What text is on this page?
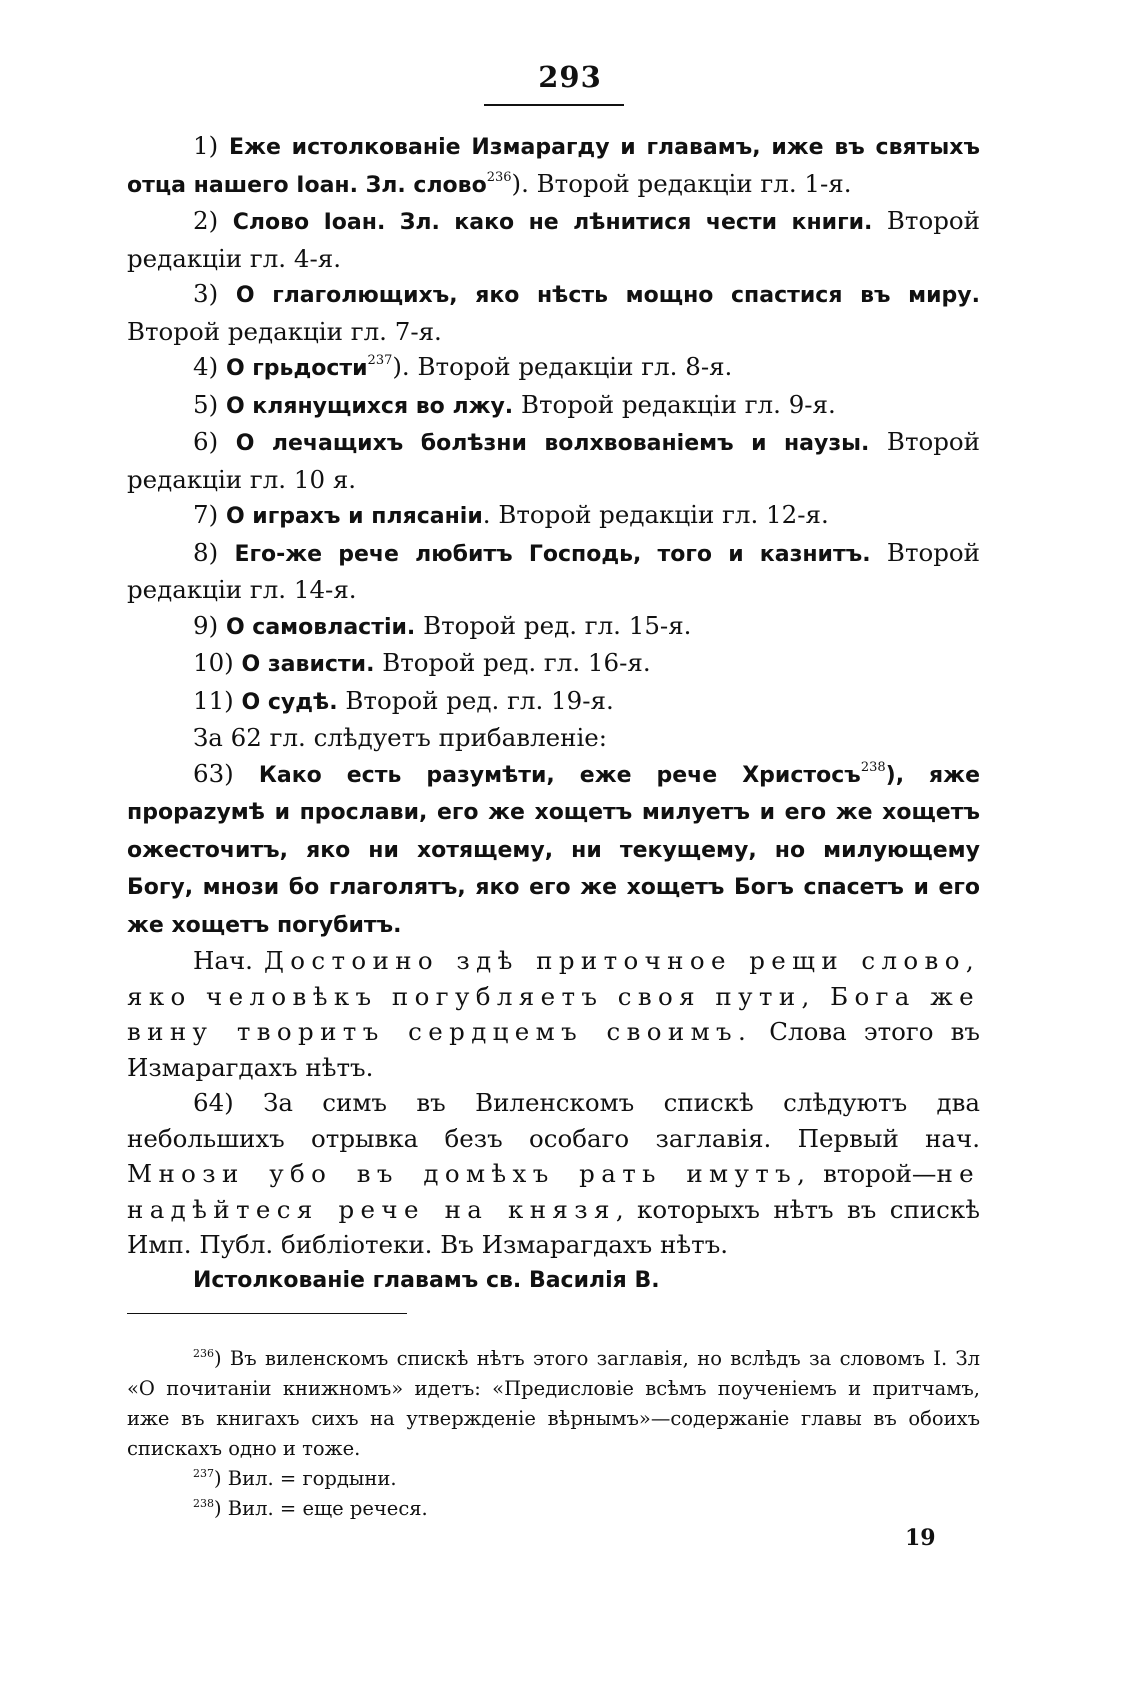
293

1) Еже истолкованіе Измарагду и главамъ, иже въ святыхъ отца нашего Іоан. Зл. слово$^{236}$). Второй редакціи гл. 1-я.

2) Слово Іоан. Зл. како не лѣнитися чести книги. Второй редакціи гл. 4-я.

3) О глаголющихъ, яко нѣсть мощно спастися въ миру. Второй редакціи гл. 7-я.

4) О грьдости$^{237}$). Второй редакціи гл. 8-я.

5) О клянущихся во лжу. Второй редакціи гл. 9-я.

6) О лечащихъ болѣзни волхвованіемъ и наузы. Второй редакціи гл. 10 я.

7) О играхъ и плясаніи. Второй редакціи гл. 12-я.

8) Его-же рече любитъ Господь, того и казнитъ. Второй редакціи гл. 14-я.

9) О самовластіи. Второй ред. гл. 15-я.

10) О зависти. Второй ред. гл. 16-я.

11) О судѣ. Второй ред. гл. 19-я.

За 62 гл. слѣдуетъ прибавленіе:

63) Како есть разумѣти, еже рече Христосъ$^{238}$), яже прораzумѣ и прослави, его же хощетъ милуетъ и его же хощетъ ожесточитъ, яко ни хотящему, ни текущему, но милующему Богу, мнози бо глаголятъ, яко его же хощетъ Богъ спасетъ и его же хощетъ погубитъ.

Нач. Достоино здѣ приточное рещи слово, яко человѣкъ погубляетъ своя пути, Бога же вину творитъ сердцемъ своимъ. Слова этого въ Измарагдахъ нѣтъ.

64) За симъ въ Виленскомъ спискѣ слѣдуютъ два небольшихъ отрывка безъ особаго заглавія. Первый нач. Мнози убо въ домѣхъ рать имутъ, второй—не надѣйтеся рече на князя, которыхъ нѣтъ въ спискѣ Имп. Публ. библіотеки. Въ Измарагдахъ нѣтъ.

Истолкованіе главамъ св. Василія В.

$^{236}$) Въ виленскомъ спискѣ нѣтъ этого заглавія, но вслѣдъ за словомъ І. Зл «О почитаніи книжномъ» идетъ: «Предисловіе всѣмъ поученіемъ и притчамъ, иже въ книгахъ сихъ на утвержденіе вѣрнымъ»—содержаніе главы въ обоихъ спискахъ одно и тоже.

$^{237}$) Вил. = гордыни.

$^{238}$) Вил. = еще речеся.

19
